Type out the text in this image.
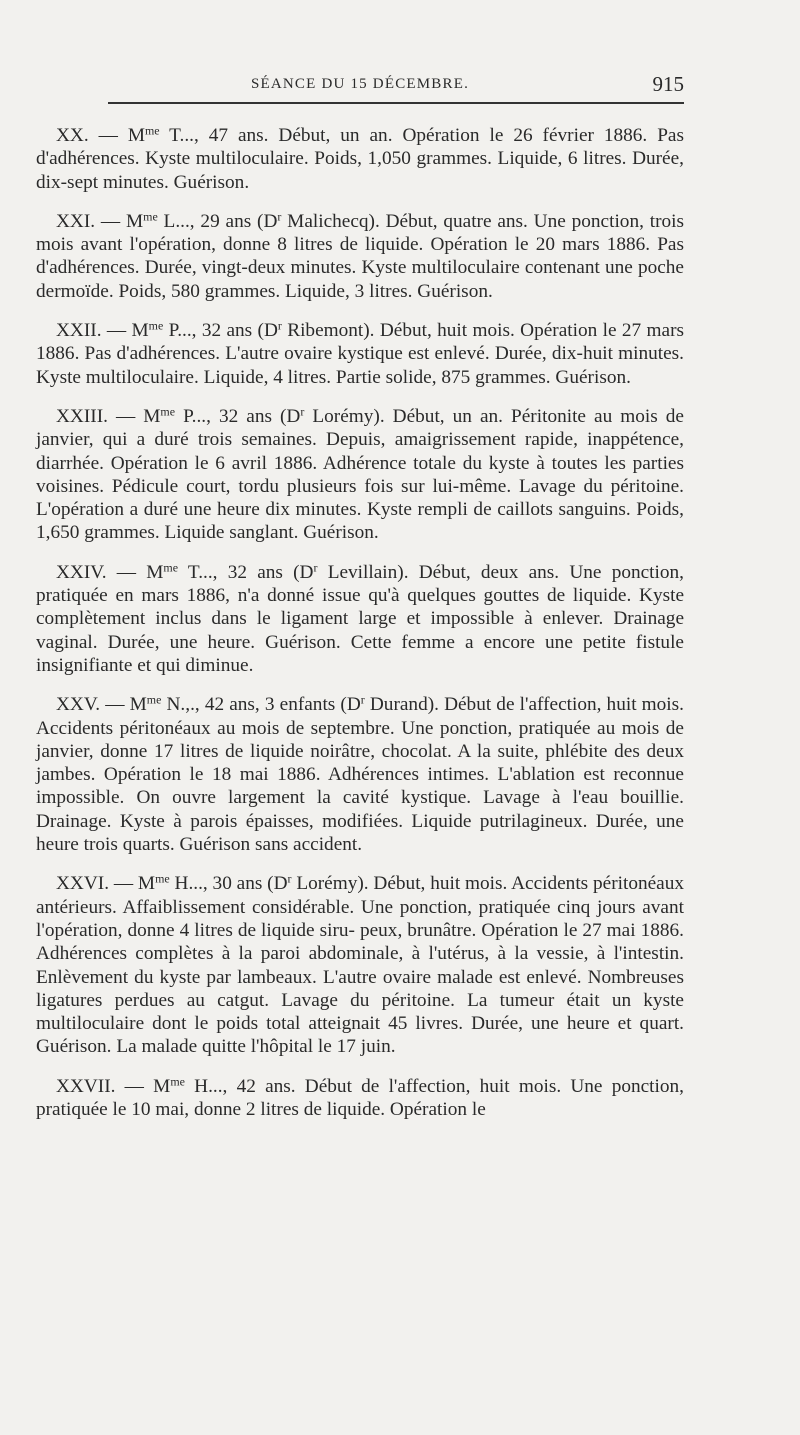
SÉANCE DU 15 DÉCEMBRE.	915

XX. — $M^{me}$ T..., 47 ans. Début, un an. Opération le 26 février 1886. Pas d'adhérences. Kyste multiloculaire. Poids, 1,050 grammes. Liquide, 6 litres. Durée, dix-sept minutes. Guérison.

XXI. — $M^{me}$ L..., 29 ans ($D^r$ Malichecq). Début, quatre ans. Une ponction, trois mois avant l'opération, donne 8 litres de liquide. Opération le 20 mars 1886. Pas d'adhérences. Durée, vingt-deux minutes. Kyste multiloculaire contenant une poche dermoïde. Poids, 580 grammes. Liquide, 3 litres. Guérison.

XXII. — $M^{me}$ P..., 32 ans ($D^r$ Ribemont). Début, huit mois. Opération le 27 mars 1886. Pas d'adhérences. L'autre ovaire kystique est enlevé. Durée, dix-huit minutes. Kyste multiloculaire. Liquide, 4 litres. Partie solide, 875 grammes. Guérison.

XXIII. — $M^{me}$ P..., 32 ans ($D^r$ Lorémy). Début, un an. Péritonite au mois de janvier, qui a duré trois semaines. Depuis, amaigrissement rapide, inappétence, diarrhée. Opération le 6 avril 1886. Adhérence totale du kyste à toutes les parties voisines. Pédicule court, tordu plusieurs fois sur lui-même. Lavage du péritoine. L'opération a duré une heure dix minutes. Kyste rempli de caillots sanguins. Poids, 1,650 grammes. Liquide sanglant. Guérison.

XXIV. — $M^{me}$ T..., 32 ans ($D^r$ Levillain). Début, deux ans. Une ponction, pratiquée en mars 1886, n'a donné issue qu'à quelques gouttes de liquide. Kyste complètement inclus dans le ligament large et impossible à enlever. Drainage vaginal. Durée, une heure. Guérison. Cette femme a encore une petite fistule insignifiante et qui diminue.

XXV. — $M^{me}$ N.,., 42 ans, 3 enfants ($D^r$ Durand). Début de l'affection, huit mois. Accidents péritonéaux au mois de septembre. Une ponction, pratiquée au mois de janvier, donne 17 litres de liquide noirâtre, chocolat. A la suite, phlébite des deux jambes. Opération le 18 mai 1886. Adhérences intimes. L'ablation est reconnue impossible. On ouvre largement la cavité kystique. Lavage à l'eau bouillie. Drainage. Kyste à parois épaisses, modifiées. Liquide putrilagineux. Durée, une heure trois quarts. Guérison sans accident.

XXVI. — $M^{me}$ H..., 30 ans ($D^r$ Lorémy). Début, huit mois. Accidents péritonéaux antérieurs. Affaiblissement considérable. Une ponction, pratiquée cinq jours avant l'opération, donne 4 litres de liquide siru- peux, brunâtre. Opération le 27 mai 1886. Adhérences complètes à la paroi abdominale, à l'utérus, à la vessie, à l'intestin. Enlèvement du kyste par lambeaux. L'autre ovaire malade est enlevé. Nombreuses ligatures perdues au catgut. Lavage du péritoine. La tumeur était un kyste multiloculaire dont le poids total atteignait 45 livres. Durée, une heure et quart. Guérison. La malade quitte l'hôpital le 17 juin.

XXVII. — $M^{me}$ H..., 42 ans. Début de l'affection, huit mois. Une ponction, pratiquée le 10 mai, donne 2 litres de liquide. Opération le
